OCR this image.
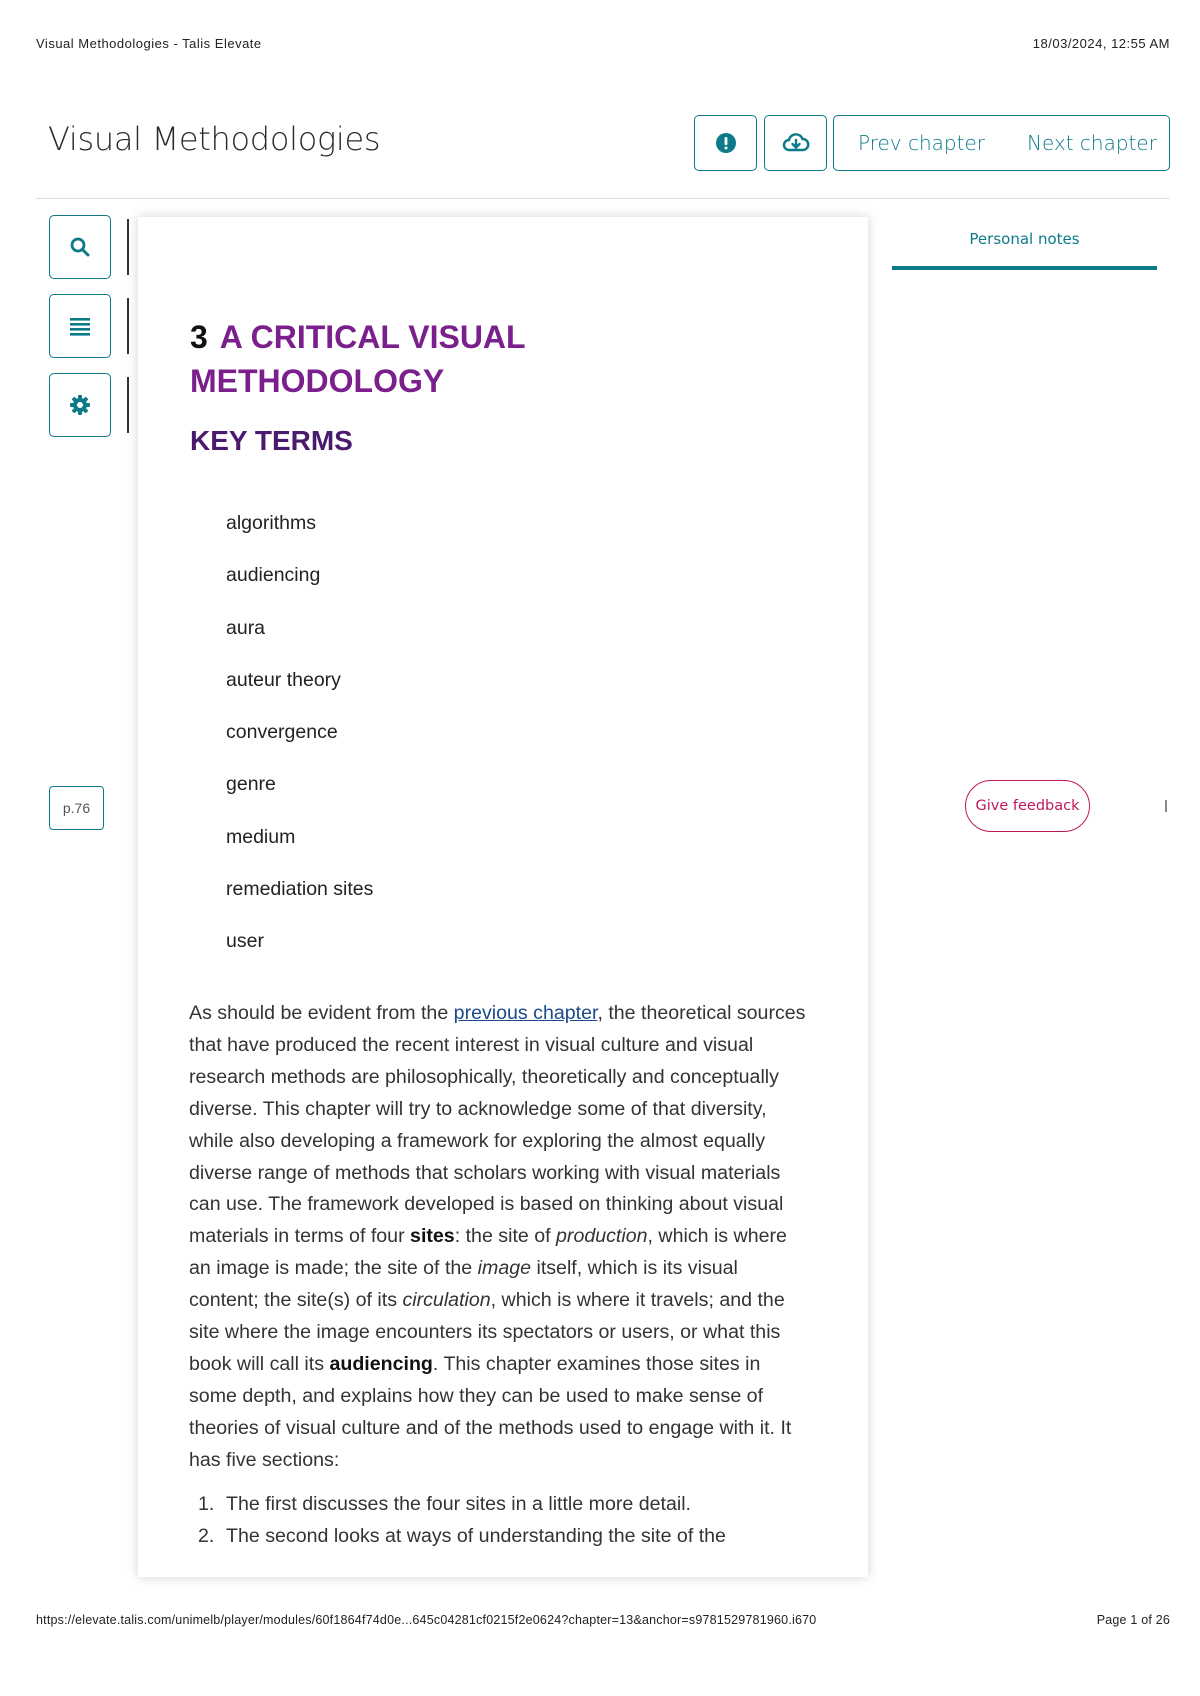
Visual Methodologies - Talis Elevate	18/03/2024, 12:55 AM
Visual Methodologies	Prev chapter Next chapter
p.76
3 A CRITICAL VISUAL METHODOLOGY
KEY TERMS
algorithms
audiencing
aura
auteur theory
convergence
genre
medium
remediation sites
user

As should be evident from the previous chapter, the theoretical sources that have produced the recent interest in visual culture and visual research methods are philosophically, theoretically and conceptually diverse. This chapter will try to acknowledge some of that diversity, while also developing a framework for exploring the almost equally diverse range of methods that scholars working with visual materials can use. The framework developed is based on thinking about visual materials in terms of four sites: the site of production, which is where an image is made; the site of the image itself, which is its visual content; the site(s) of its circulation, which is where it travels; and the site where the image encounters its spectators or users, or what this book will call its audiencing. This chapter examines those sites in some depth, and explains how they can be used to make sense of theories of visual culture and of the methods used to engage with it. It has five sections:

1. The first discusses the four sites in a little more detail.
2. The second looks at ways of understanding the site of the
Personal notes
Give feedback
https://elevate.talis.com/unimelb/player/modules/60f1864f74d0e...645c04281cf0215f2e0624?chapter=13&anchor=s9781529781960.i670	Page 1 of 26
